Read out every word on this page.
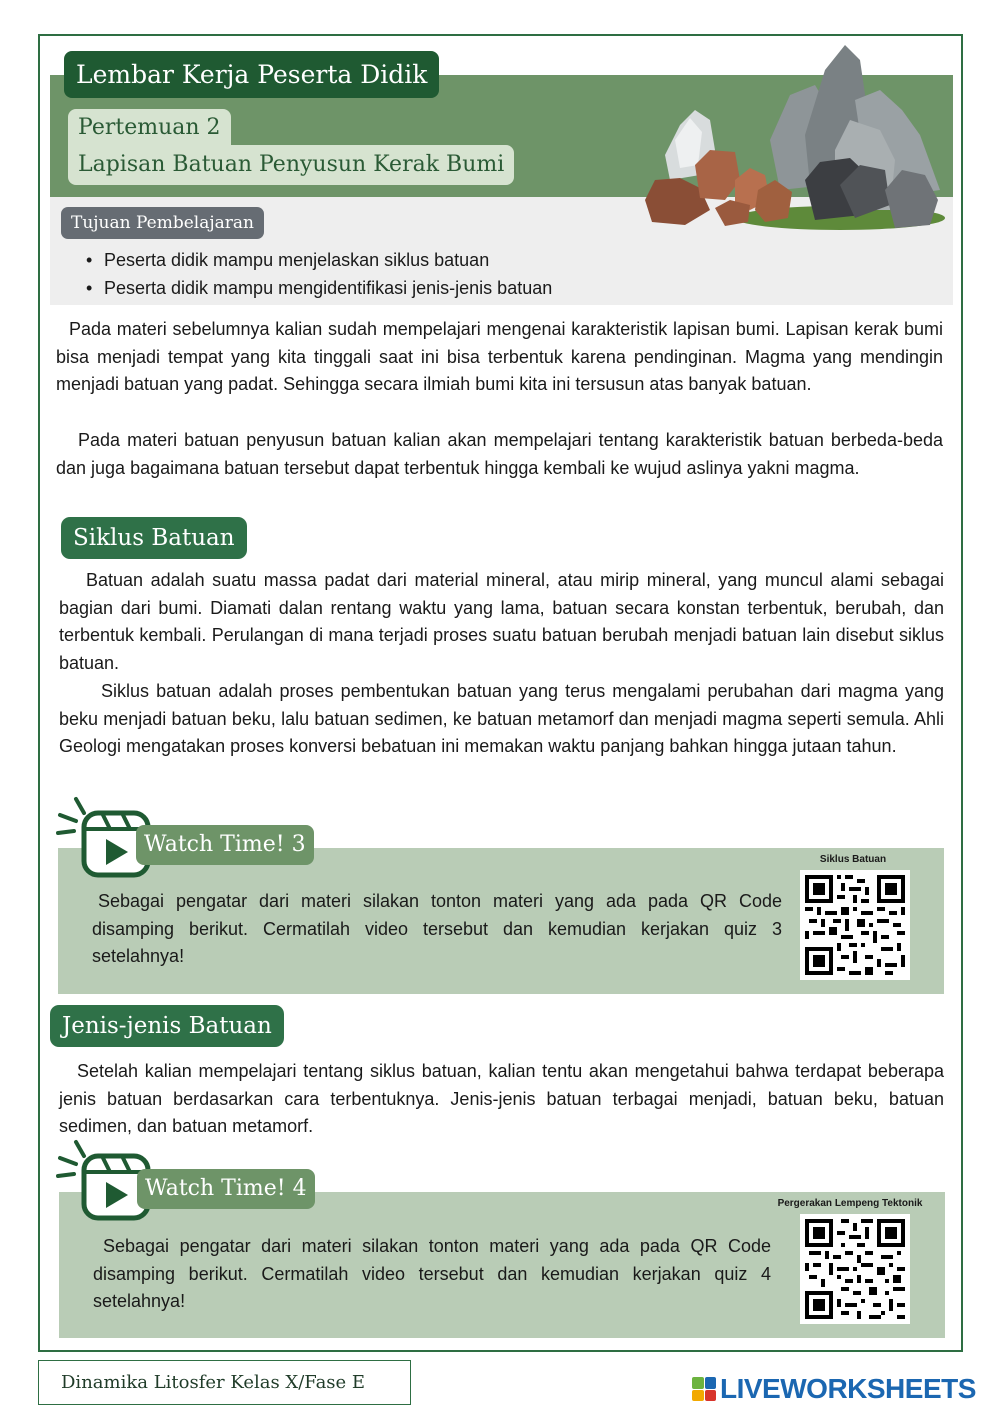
Lembar Kerja Peserta Didik
Pertemuan 2
Lapisan Batuan Penyusun Kerak Bumi
Tujuan Pembelajaran
• Peserta didik mampu menjelaskan siklus batuan
• Peserta didik mampu mengidentifikasi jenis-jenis batuan

Pada materi sebelumnya kalian sudah mempelajari mengenai karakteristik lapisan bumi. Lapisan kerak bumi bisa menjadi tempat yang kita tinggali saat ini bisa terbentuk karena pendinginan. Magma yang mendingin menjadi batuan yang padat. Sehingga secara ilmiah bumi kita ini tersusun atas banyak batuan.

Pada materi batuan penyusun batuan kalian akan mempelajari tentang karakteristik batuan berbeda-beda dan juga bagaimana batuan tersebut dapat terbentuk hingga kembali ke wujud aslinya yakni magma.

Siklus Batuan

Batuan adalah suatu massa padat dari material mineral, atau mirip mineral, yang muncul alami sebagai bagian dari bumi. Diamati dalan rentang waktu yang lama, batuan secara konstan terbentuk, berubah, dan terbentuk kembali. Perulangan di mana terjadi proses suatu batuan berubah menjadi batuan lain disebut siklus batuan.

Siklus batuan adalah proses pembentukan batuan yang terus mengalami perubahan dari magma yang beku menjadi batuan beku, lalu batuan sedimen, ke batuan metamorf dan menjadi magma seperti semula. Ahli Geologi mengatakan proses konversi bebatuan ini memakan waktu panjang bahkan hingga jutaan tahun.

Watch Time! 3

Sebagai pengatar dari materi silakan tonton materi yang ada pada QR Code disamping berikut. Cermatilah video tersebut dan kemudian kerjakan quiz 3 setelahnya!

Siklus Batuan
Jenis-jenis Batuan

Setelah kalian mempelajari tentang siklus batuan, kalian tentu akan mengetahui bahwa terdapat beberapa jenis batuan berdasarkan cara terbentuknya. Jenis-jenis batuan terbagai menjadi, batuan beku, batuan sedimen, dan batuan metamorf.

Watch Time! 4

Sebagai pengatar dari materi silakan tonton materi yang ada pada QR Code disamping berikut. Cermatilah video tersebut dan kemudian kerjakan quiz 4 setelahnya!

Pergerakan Lempeng Tektonik
Dinamika Litosfer Kelas X/Fase E	LIVEWORKSHEETS
